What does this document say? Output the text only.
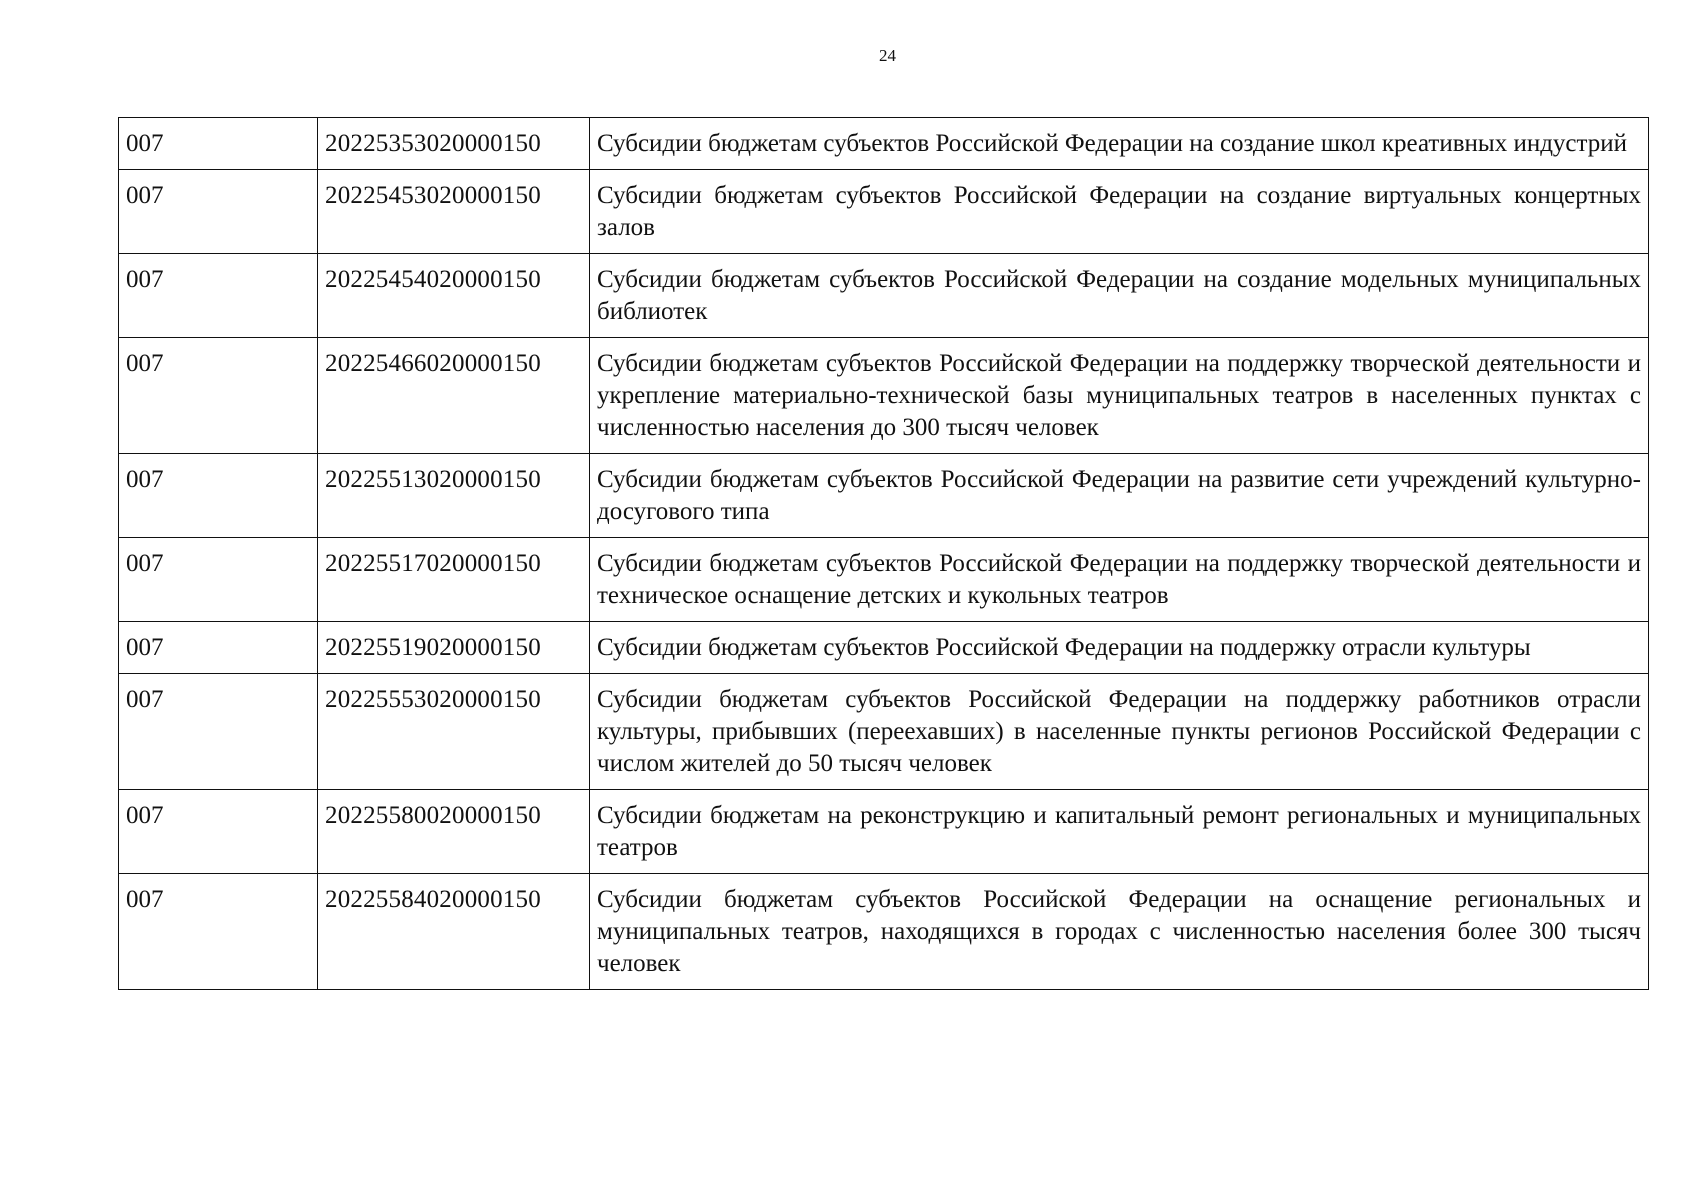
24
007	20225353020000150	Субсидии бюджетам субъектов Российской Федерации на создание школ креативных индустрий
007	20225453020000150	Субсидии бюджетам субъектов Российской Федерации на создание виртуальных концертных залов
007	20225454020000150	Субсидии бюджетам субъектов Российской Федерации на создание модельных муниципальных библиотек
007	20225466020000150	Субсидии бюджетам субъектов Российской Федерации на поддержку творческой деятельности и укрепление материально-технической базы муниципальных театров в населенных пунктах с численностью населения до 300 тысяч человек
007	20225513020000150	Субсидии бюджетам субъектов Российской Федерации на развитие сети учреждений культурно-досугового типа
007	20225517020000150	Субсидии бюджетам субъектов Российской Федерации на поддержку творческой деятельности и техническое оснащение детских и кукольных театров
007	20225519020000150	Субсидии бюджетам субъектов Российской Федерации на поддержку отрасли культуры
007	20225553020000150	Субсидии бюджетам субъектов Российской Федерации на поддержку работников отрасли культуры, прибывших (переехавших) в населенные пункты регионов Российской Федерации с числом жителей до 50 тысяч человек
007	20225580020000150	Субсидии бюджетам на реконструкцию и капитальный ремонт региональных и муниципальных театров
007	20225584020000150	Субсидии бюджетам субъектов Российской Федерации на оснащение региональных и муниципальных театров, находящихся в городах с численностью населения более 300 тысяч человек
